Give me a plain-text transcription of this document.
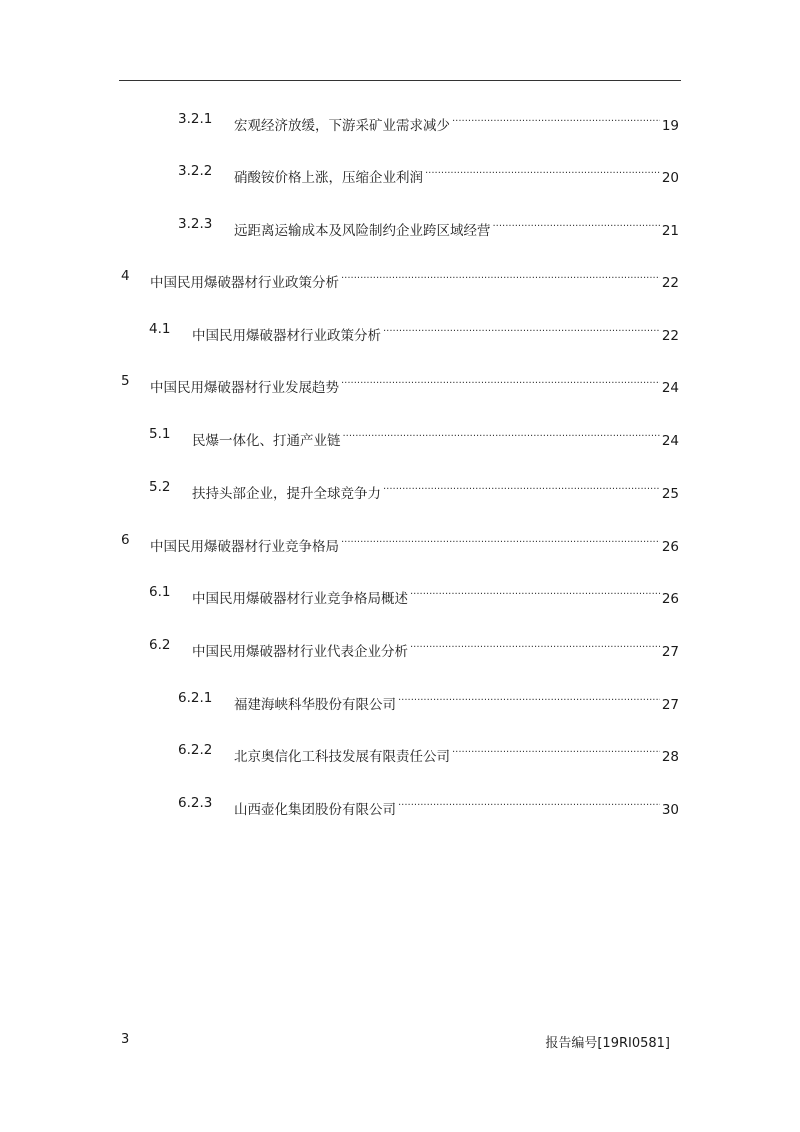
3.2.1 宏观经济放缓，下游采矿业需求减少 .....	19
3.2.2 硝酸铵价格上涨，压缩企业利润 .....	20
3.2.3 远距离运输成本及风险制约企业跨区域经营 .....	21
4 中国民用爆破器材行业政策分析 .....	22
4.1 中国民用爆破器材行业政策分析 .....	22
5 中国民用爆破器材行业发展趋势 .....	24
5.1 民爆一体化、打通产业链 .....	24
5.2 扶持头部企业，提升全球竞争力 .....	25
6 中国民用爆破器材行业竞争格局 .....	26
6.1 中国民用爆破器材行业竞争格局概述 .....	26
6.2 中国民用爆破器材行业代表企业分析 .....	27
6.2.1 福建海峡科华股份有限公司 .....	27
6.2.2 北京奥信化工科技发展有限责任公司 .....	28
6.2.3 山西壶化集团股份有限公司 .....	30
3	报告编号[19RI0581]
